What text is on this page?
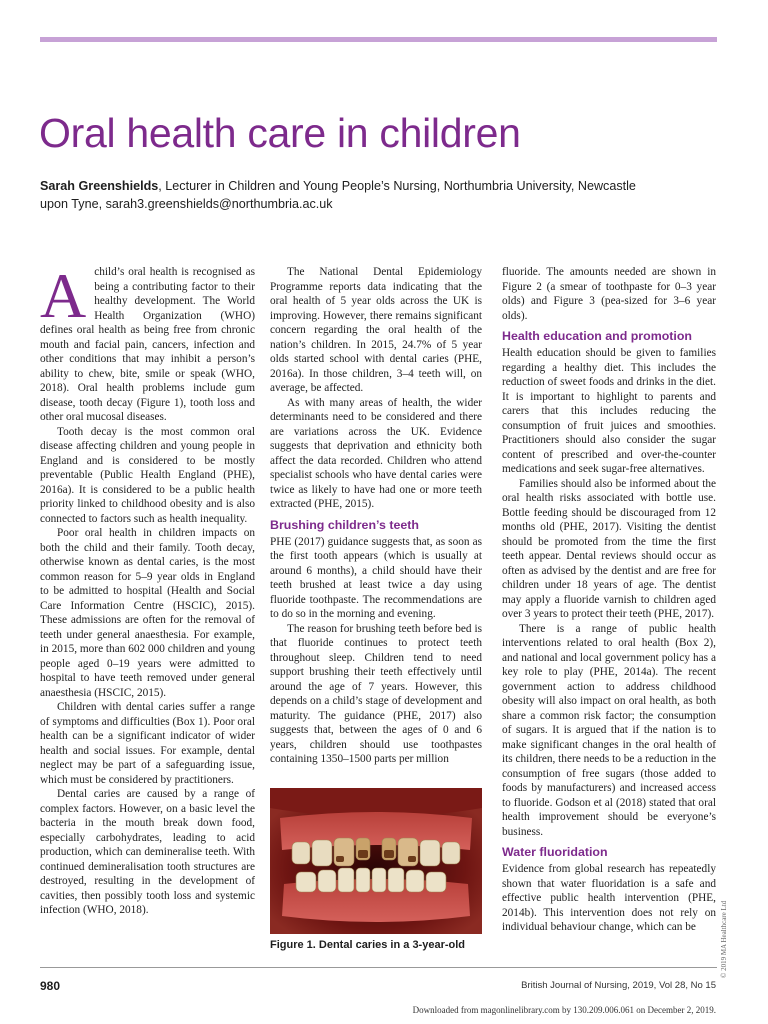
Oral health care in children
Sarah Greenshields, Lecturer in Children and Young People’s Nursing, Northumbria University, Newcastle upon Tyne, sarah3.greenshields@northumbria.ac.uk
A child’s oral health is recognised as being a contributing factor to their healthy development. The World Health Organization (WHO) defines oral health as being free from chronic mouth and facial pain, cancers, infection and other conditions that may inhibit a person’s ability to chew, bite, smile or speak (WHO, 2018). Oral health problems include gum disease, tooth decay (Figure 1), tooth loss and other oral mucosal diseases.

Tooth decay is the most common oral disease affecting children and young people in England and is considered to be mostly preventable (Public Health England (PHE), 2016a). It is considered to be a public health priority linked to childhood obesity and is also connected to factors such as health inequality.

Poor oral health in children impacts on both the child and their family. Tooth decay, otherwise known as dental caries, is the most common reason for 5–9 year olds in England to be admitted to hospital (Health and Social Care Information Centre (HSCIC), 2015). These admissions are often for the removal of teeth under general anaesthesia. For example, in 2015, more than 602 000 children and young people aged 0–19 years were admitted to hospital to have teeth removed under general anaesthesia (HSCIC, 2015).

Children with dental caries suffer a range of symptoms and difficulties (Box 1). Poor oral health can be a significant indicator of wider health and social issues. For example, dental neglect may be part of a safeguarding issue, which must be considered by practitioners.

Dental caries are caused by a range of complex factors. However, on a basic level the bacteria in the mouth break down food, especially carbohydrates, leading to acid production, which can demineralise teeth. With continued demineralisation tooth structures are destroyed, resulting in the development of cavities, then possibly tooth loss and systemic infection (WHO, 2018).

The National Dental Epidemiology Programme reports data indicating that the oral health of 5 year olds across the UK is improving. However, there remains significant concern regarding the oral health of the nation’s children. In 2015, 24.7% of 5 year olds started school with dental caries (PHE, 2016a). In those children, 3–4 teeth will, on average, be affected.

As with many areas of health, the wider determinants need to be considered and there are variations across the UK. Evidence suggests that deprivation and ethnicity both affect the data recorded. Children who attend specialist schools who have dental caries were twice as likely to have had one or more teeth extracted (PHE, 2015).

Brushing children’s teeth

PHE (2017) guidance suggests that, as soon as the first tooth appears (which is usually at around 6 months), a child should have their teeth brushed at least twice a day using fluoride toothpaste. The recommendations are to do so in the morning and evening.

The reason for brushing teeth before bed is that fluoride continues to protect teeth throughout sleep. Children tend to need support brushing their teeth effectively until around the age of 7 years. However, this depends on a child’s stage of development and maturity. The guidance (PHE, 2017) also suggests that, between the ages of 0 and 6 years, children should use toothpastes containing 1350–1500 parts per million

Figure 1. Dental caries in a 3-year-old

fluoride. The amounts needed are shown in Figure 2 (a smear of toothpaste for 0–3 year olds) and Figure 3 (pea-sized for 3–6 year olds).

Health education and promotion

Health education should be given to families regarding a healthy diet. This includes the reduction of sweet foods and drinks in the diet. It is important to highlight to parents and carers that this includes reducing the consumption of fruit juices and smoothies. Practitioners should also consider the sugar content of prescribed and over-the-counter medications and seek sugar-free alternatives.

Families should also be informed about the oral health risks associated with bottle use. Bottle feeding should be discouraged from 12 months old (PHE, 2017). Visiting the dentist should be promoted from the time the first teeth appear. Dental reviews should occur as often as advised by the dentist and are free for children under 18 years of age. The dentist may apply a fluoride varnish to children aged over 3 years to protect their teeth (PHE, 2017).

There is a range of public health interventions related to oral health (Box 2), and national and local government policy has a key role to play (PHE, 2014a). The recent government action to address childhood obesity will also impact on oral health, as both share a common risk factor; the consumption of sugars. It is argued that if the nation is to make significant changes in the oral health of its children, there needs to be a reduction in the consumption of free sugars (those added to foods by manufacturers) and increased access to fluoride. Godson et al (2018) stated that oral health improvement should be everyone’s business.

Water fluoridation

Evidence from global research has repeatedly shown that water fluoridation is a safe and effective public health intervention (PHE, 2014b). This intervention does not rely on individual behaviour change, which can be	© 2019 MA Healthcare Ltd
980	British Journal of Nursing, 2019, Vol 28, No 15
Downloaded from magonlinelibrary.com by 130.209.006.061 on December 2, 2019.
